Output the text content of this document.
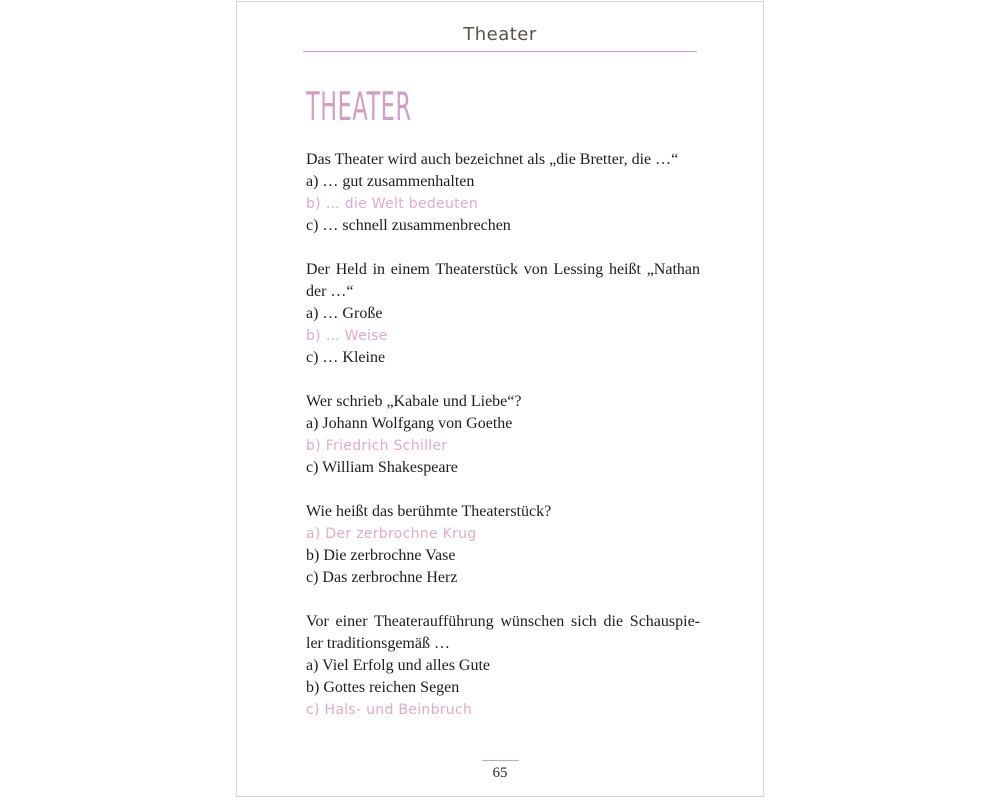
Theater
THEATER
Das Theater wird auch bezeichnet als „die Bretter, die …“
a) … gut zusammenhalten
b) … die Welt bedeuten
c) … schnell zusammenbrechen
Der Held in einem Theaterstück von Lessing heißt „Nathan
der …“
a) … Große
b) … Weise
c) … Kleine
Wer schrieb „Kabale und Liebe“?
a) Johann Wolfgang von Goethe
b) Friedrich Schiller
c) William Shakespeare
Wie heißt das berühmte Theaterstück?
a) Der zerbrochne Krug
b) Die zerbrochne Vase
c) Das zerbrochne Herz
Vor einer Theateraufführung wünschen sich die Schauspie-
ler traditionsgemäß …
a) Viel Erfolg und alles Gute
b) Gottes reichen Segen
c) Hals- und Beinbruch
65
